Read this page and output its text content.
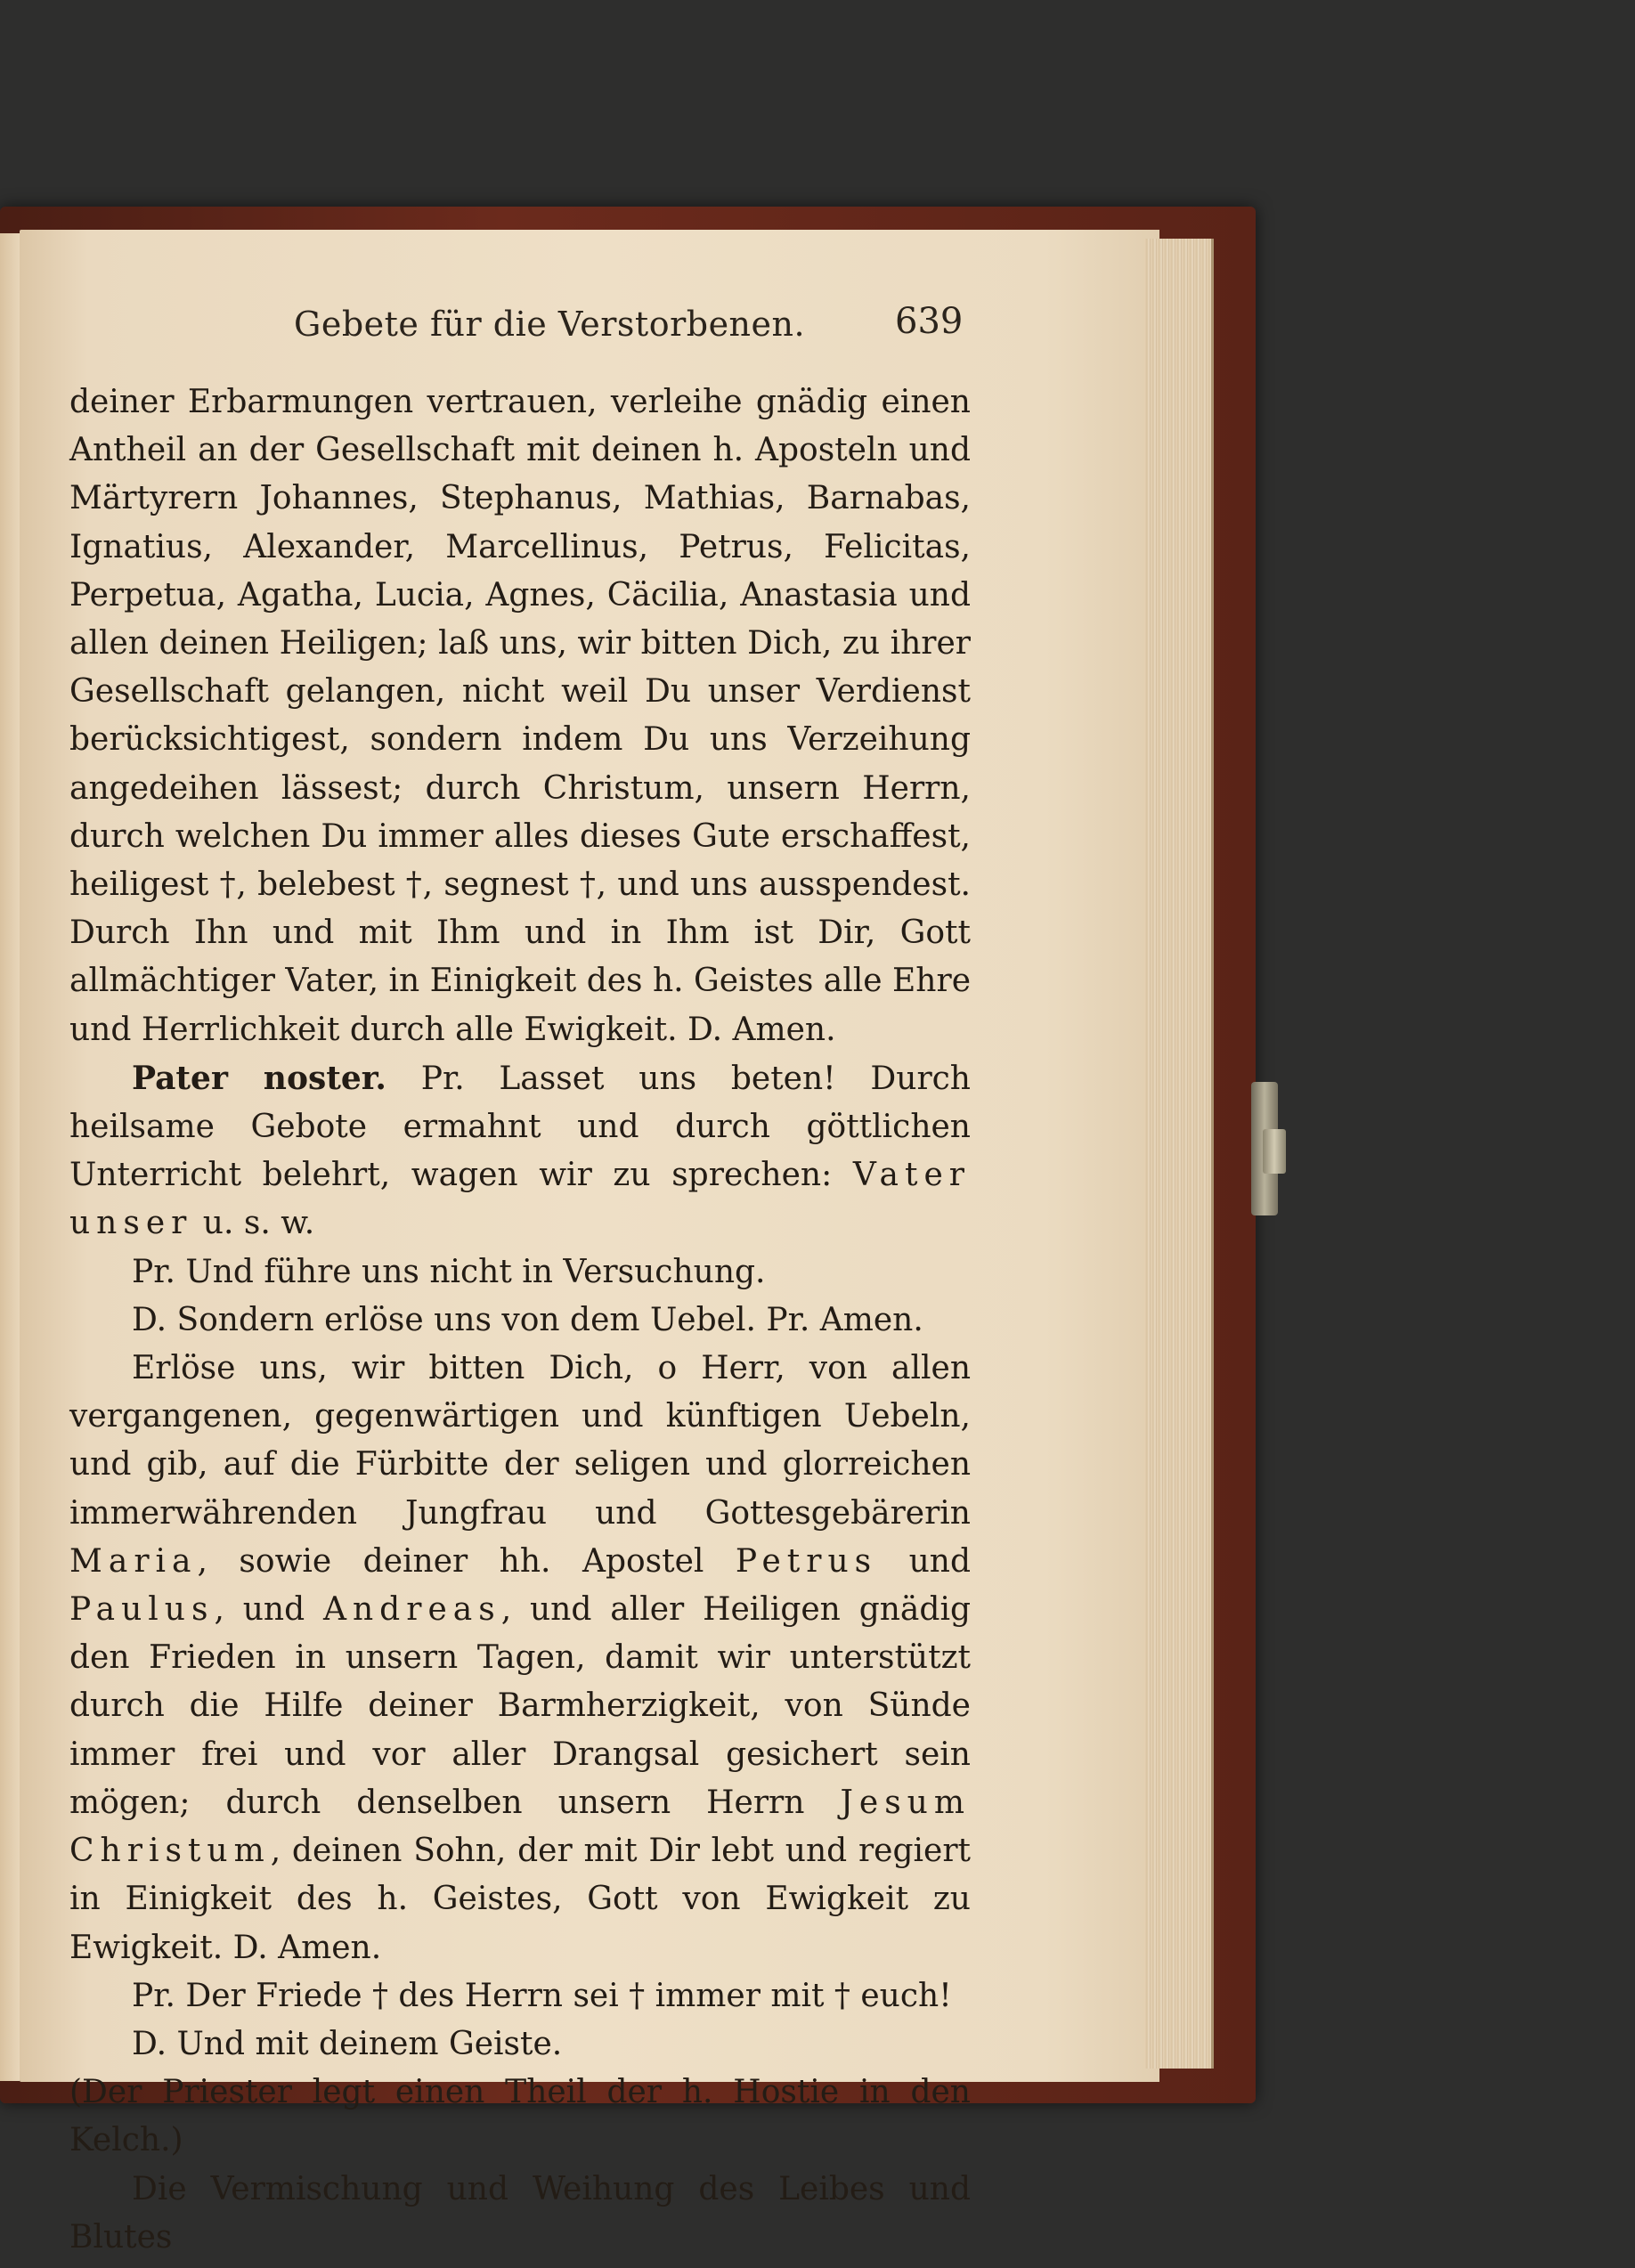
Gebete für die Verstorbenen.	639

deiner Erbarmungen vertrauen, verleihe gnädig einen Antheil an der Gesellschaft mit deinen h. Aposteln und Märtyrern Johannes, Stephanus, Mathias, Barnabas, Ignatius, Alexander, Marcellinus, Petrus, Felicitas, Perpetua, Agatha, Lucia, Agnes, Cäcilia, Anastasia und allen deinen Heiligen; laß uns, wir bitten Dich, zu ihrer Gesellschaft gelangen, nicht weil Du unser Verdienst berücksichtigest, sondern indem Du uns Verzeihung angedeihen lässest; durch Christum, unsern Herrn, durch welchen Du immer alles dieses Gute erschaffest, heiligest †, belebest †, segnest †, und uns ausspendest. Durch Ihn und mit Ihm und in Ihm ist Dir, Gott allmächtiger Vater, in Einigkeit des h. Geistes alle Ehre und Herrlichkeit durch alle Ewigkeit. D. Amen.

Pater noster. Pr. Lasset uns beten! Durch heilsame Gebote ermahnt und durch göttlichen Unterricht belehrt, wagen wir zu sprechen: Vater unser u. s. w.

Pr. Und führe uns nicht in Versuchung.

D. Sondern erlöse uns von dem Uebel. Pr. Amen.

Erlöse uns, wir bitten Dich, o Herr, von allen vergangenen, gegenwärtigen und künftigen Uebeln, und gib, auf die Fürbitte der seligen und glorreichen immerwährenden Jungfrau und Gottesgebärerin Maria, sowie deiner hh. Apostel Petrus und Paulus, und Andreas, und aller Heiligen gnädig den Frieden in unsern Tagen, damit wir unterstützt durch die Hilfe deiner Barmherzigkeit, von Sünde immer frei und vor aller Drangsal gesichert sein mögen; durch denselben unsern Herrn Jesum Christum, deinen Sohn, der mit Dir lebt und regiert in Einigkeit des h. Geistes, Gott von Ewigkeit zu Ewigkeit. D. Amen.

Pr. Der Friede † des Herrn sei † immer mit † euch!

D. Und mit deinem Geiste.

(Der Priester legt einen Theil der h. Hostie in den Kelch.)

Die Vermischung und Weihung des Leibes und Blutes
